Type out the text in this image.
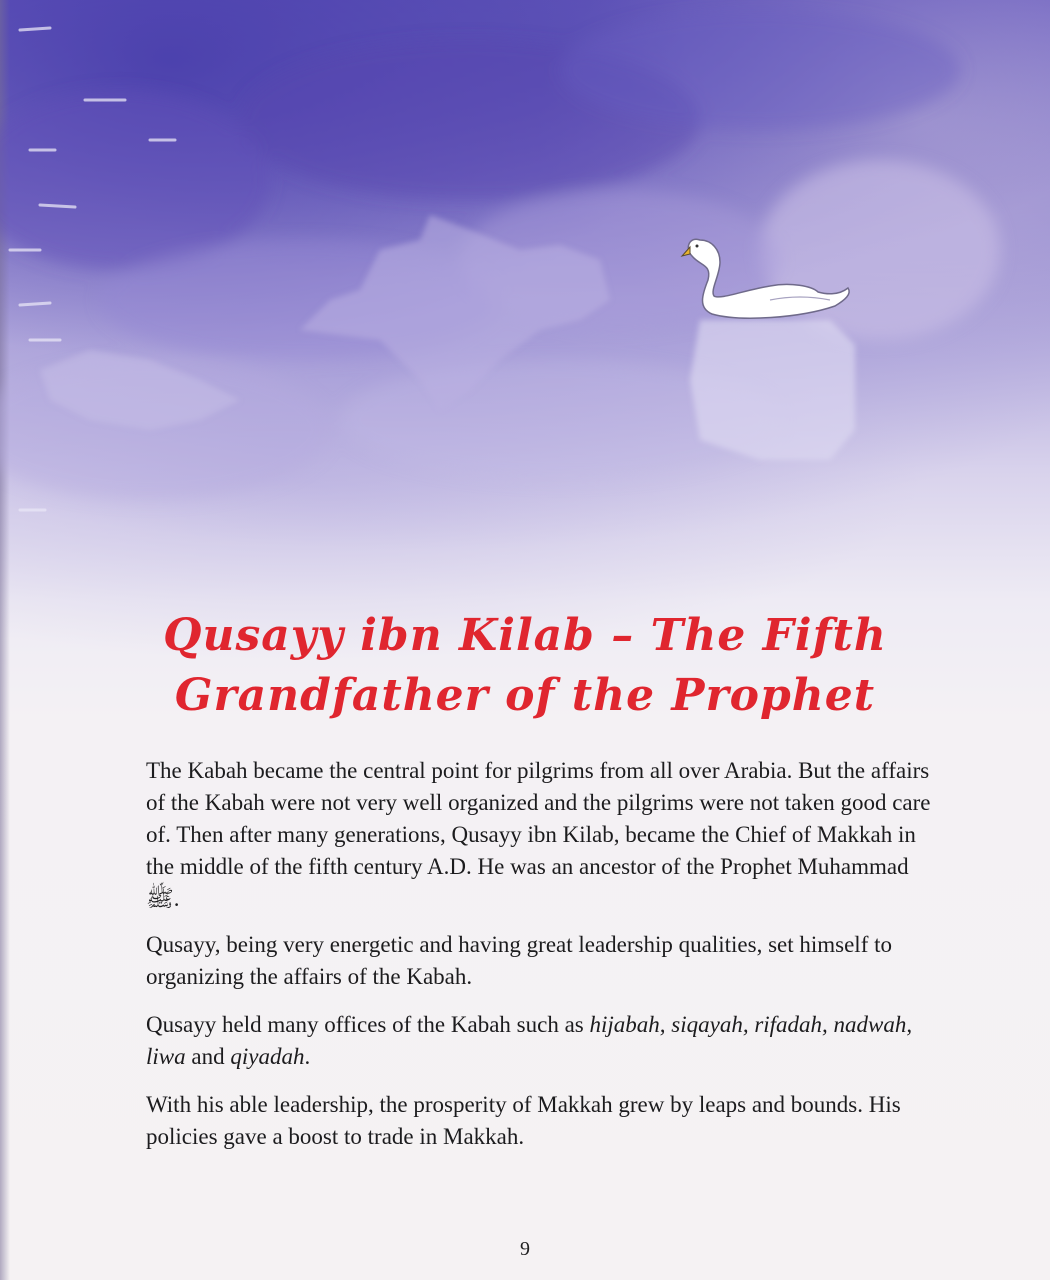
Qusayy ibn Kilab – The Fifth
Grandfather of the Prophet

The Kabah became the central point for pilgrims from all over Arabia. But the affairs of the Kabah were not very well organized and the pilgrims were not taken good care of. Then after many generations, Qusayy ibn Kilab, became the Chief of Makkah in the middle of the fifth century A.D. He was an ancestor of the Prophet Muhammad ﷺ.

Qusayy, being very energetic and having great leadership qualities, set himself to organizing the affairs of the Kabah.

Qusayy held many offices of the Kabah such as hijabah, siqayah, rifadah, nadwah, liwa and qiyadah.

With his able leadership, the prosperity of Makkah grew by leaps and bounds. His policies gave a boost to trade in Makkah.

9
